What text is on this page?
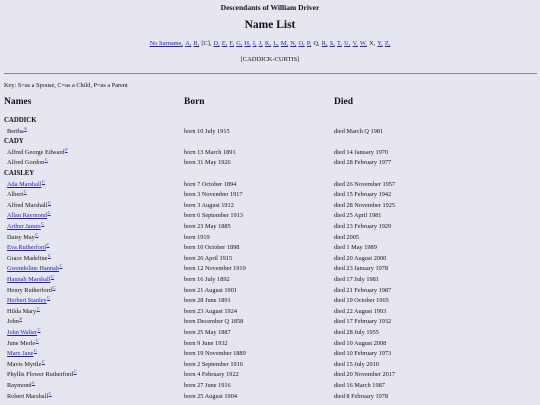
Descendants of William Driver
Name List
No Surname, A, B, [C], D, E, F, G, H, I, J, K, L, M, N, O, P, Q, R, S, T, U, V, W, X, Y, Z,
[CADDICK-CURTIS]
Key: S=as a Spouse, C=as a Child, P=as a Parent
Names	Born	Died
CADDICK
Bertha$^S$	born 10 July 1915	died March Q 1981
CADY
Alfred George Edward$^P$	born 13 March 1891	died 14 January 1970
Alfred Gordon$^C$	born 31 May 1926	died 28 February 1977
CAISLEY
Ada Marshall$^C$	born 7 October 1894	died 26 November 1957
Albert$^C$	born 3 November 1917	died 15 February 1942
Alfred Marshall$^C$	born 3 August 1912	died 28 November 1925
Allan Raymond$^C$	born 6 September 1913	died 25 April 1981
Arthur James$^C$	born 23 May 1885	died 23 February 1929
Daisy May$^C$	born 1919	died 2005
Eva Rutherford$^C$	born 10 October 1898	died 1 May 1989
Grace Madeline$^C$	born 26 April 1915	died 20 August 2000
Gwendoline Hannah$^C$	born 12 November 1919	died 23 January 1978
Hannah Marshall$^C$	born 16 July 1892	died 17 July 1981
Henry Rutherford$^C$	born 21 August 1901	died 21 February 1987
Herbert Stanley$^C$	born 28 June 1891	died 19 October 1965
Hilda Mary$^C$	born 23 August 1924	died 22 August 1993
John$^S$	born December Q 1858	died 17 February 1932
John Walter$^C$	born 25 May 1887	died 28 July 1955
June Merle$^C$	born 9 June 1932	died 10 August 2008
Mary Jane$^C$	born 19 November 1889	died 10 February 1973
Mavis Myrtle$^C$	born 2 September 1916	died 15 July 2010
Phyllis Flower Rutherford$^C$	born 4 February 1922	died 20 November 2017
Raymond$^C$	born 27 June 1916	died 16 March 1987
Robert Marshall$^C$	born 25 August 1904	died 8 February 1978
